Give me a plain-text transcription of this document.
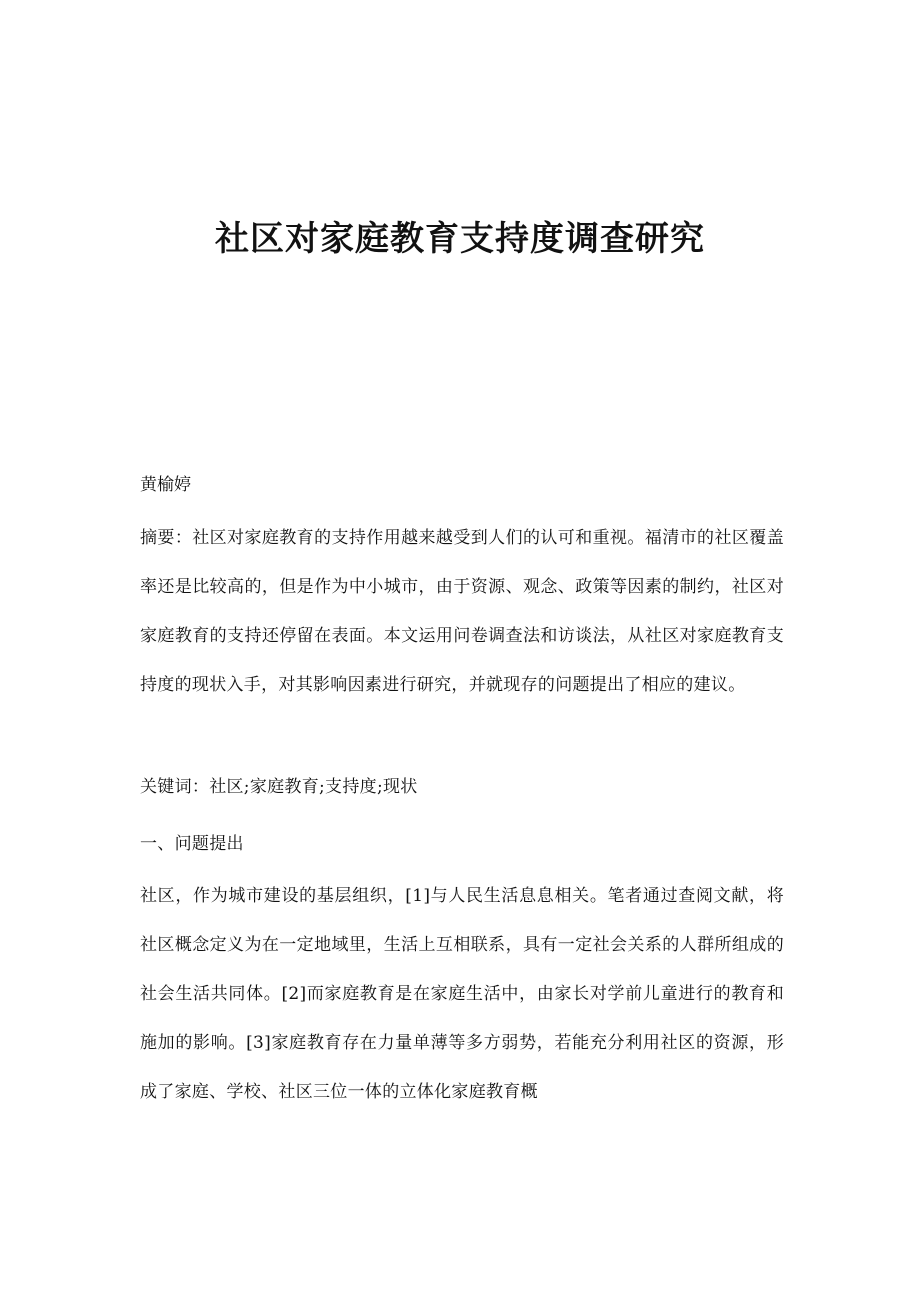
社区对家庭教育支持度调查研究

黄榆婷

摘要：社区对家庭教育的支持作用越来越受到人们的认可和重视。福清市的社区覆盖率还是比较高的，但是作为中小城市，由于资源、观念、政策等因素的制约，社区对家庭教育的支持还停留在表面。本文运用问卷调查法和访谈法，从社区对家庭教育支持度的现状入手，对其影响因素进行研究，并就现存的问题提出了相应的建议。

关键词：社区;家庭教育;支持度;现状

一、问题提出

社区，作为城市建设的基层组织，[1]与人民生活息息相关。笔者通过查阅文献，将社区概念定义为在一定地域里，生活上互相联系，具有一定社会关系的人群所组成的社会生活共同体。[2]而家庭教育是在家庭生活中，由家长对学前儿童进行的教育和施加的影响。[3]家庭教育存在力量单薄等多方弱势，若能充分利用社区的资源，形成了家庭、学校、社区三位一体的立体化家庭教育概
